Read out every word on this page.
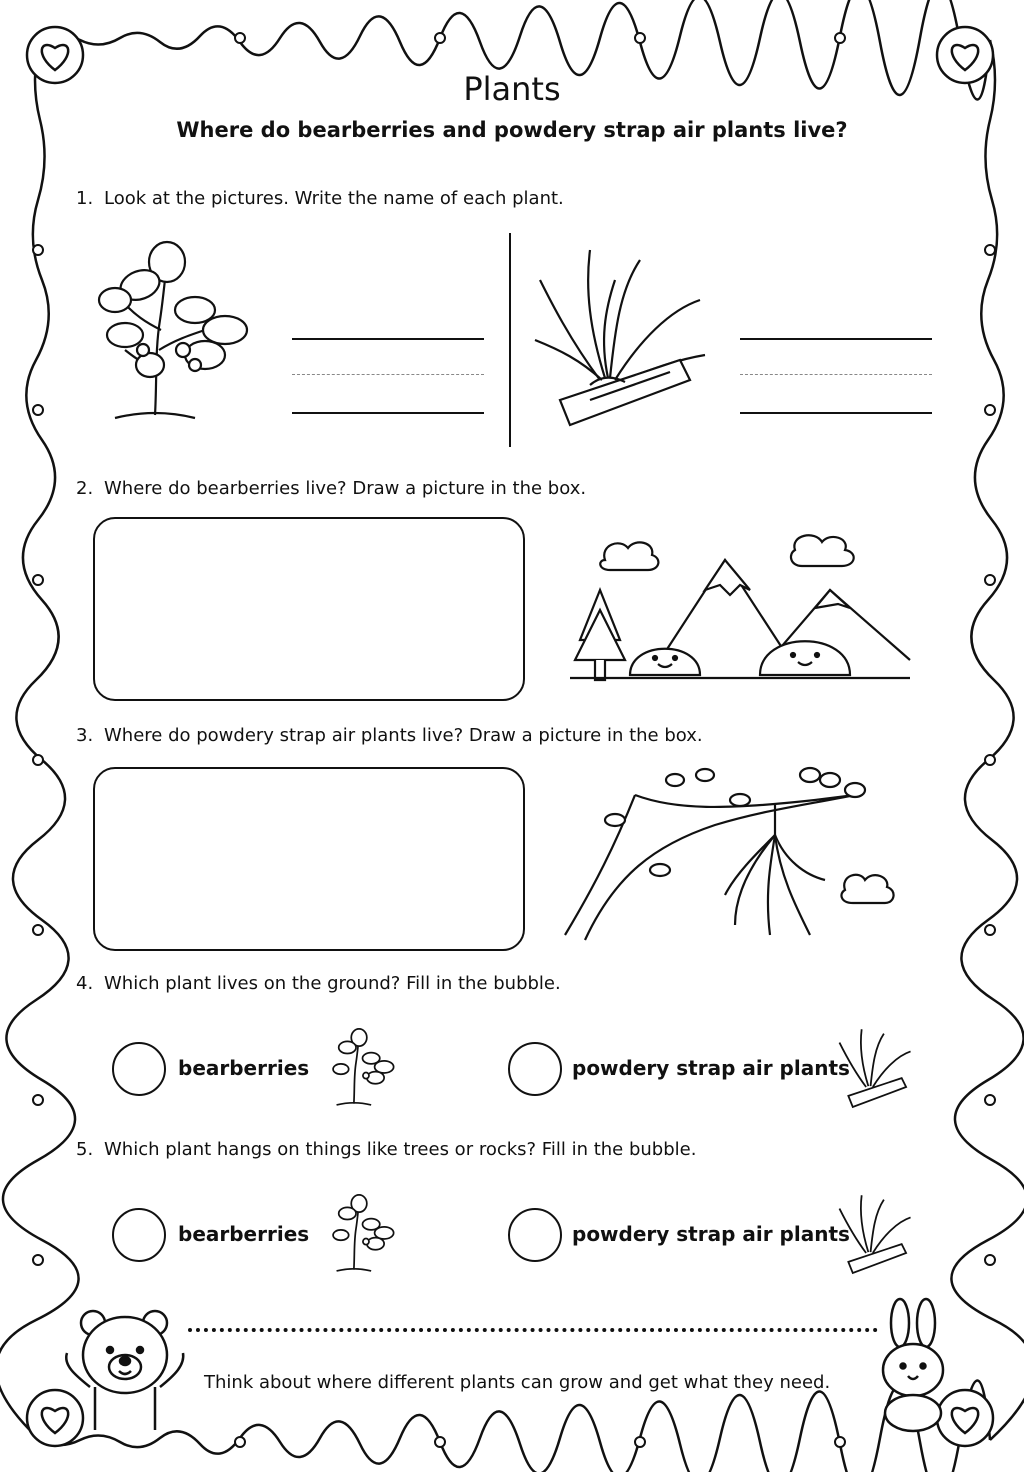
Plants
Where do bearberries and powdery strap air plants live?
1. Look at the pictures. Write the name of each plant.
2. Where do bearberries live? Draw a picture in the box.
3. Where do powdery strap air plants live? Draw a picture in the box.
4. Which plant lives on the ground? Fill in the bubble.
bearberries	powdery strap air plants
5. Which plant hangs on things like trees or rocks? Fill in the bubble.
bearberries	powdery strap air plants
Think about where different plants can grow and get what they need.
